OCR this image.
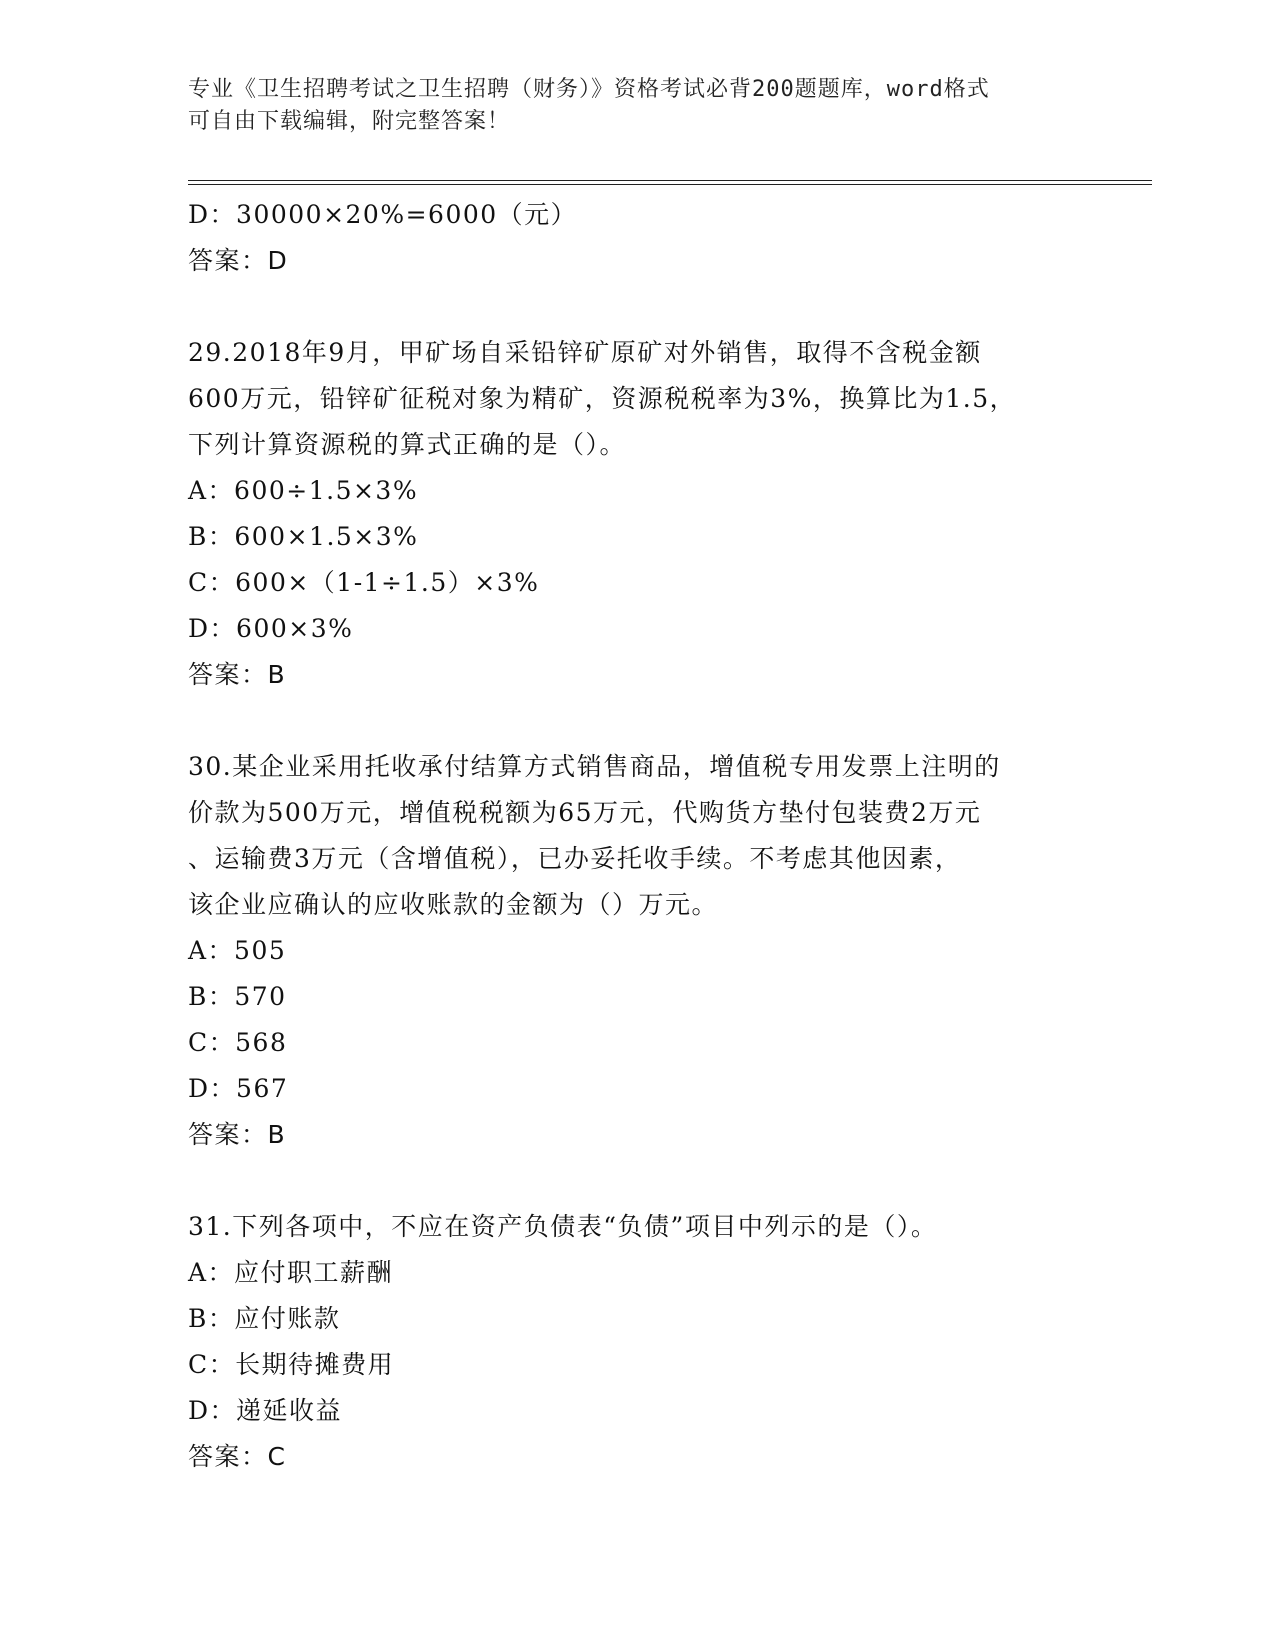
专业《卫生招聘考试之卫生招聘（财务）》资格考试必背200题题库，word格式
可自由下载编辑，附完整答案！
D：30000×20%=6000（元）
答案：D
29.2018年9月，甲矿场自采铅锌矿原矿对外销售，取得不含税金额
600万元，铅锌矿征税对象为精矿，资源税税率为3%，换算比为1.5，
下列计算资源税的算式正确的是（）。
A：600÷1.5×3%
B：600×1.5×3%
C：600×（1-1÷1.5）×3%
D：600×3%
答案：B
30.某企业采用托收承付结算方式销售商品，增值税专用发票上注明的
价款为500万元，增值税税额为65万元，代购货方垫付包装费2万元
、运输费3万元（含增值税），已办妥托收手续。不考虑其他因素，
该企业应确认的应收账款的金额为（）万元。
A：505
B：570
C：568
D：567
答案：B
31.下列各项中，不应在资产负债表“负债”项目中列示的是（）。
A：应付职工薪酬
B：应付账款
C：长期待摊费用
D：递延收益
答案：C
